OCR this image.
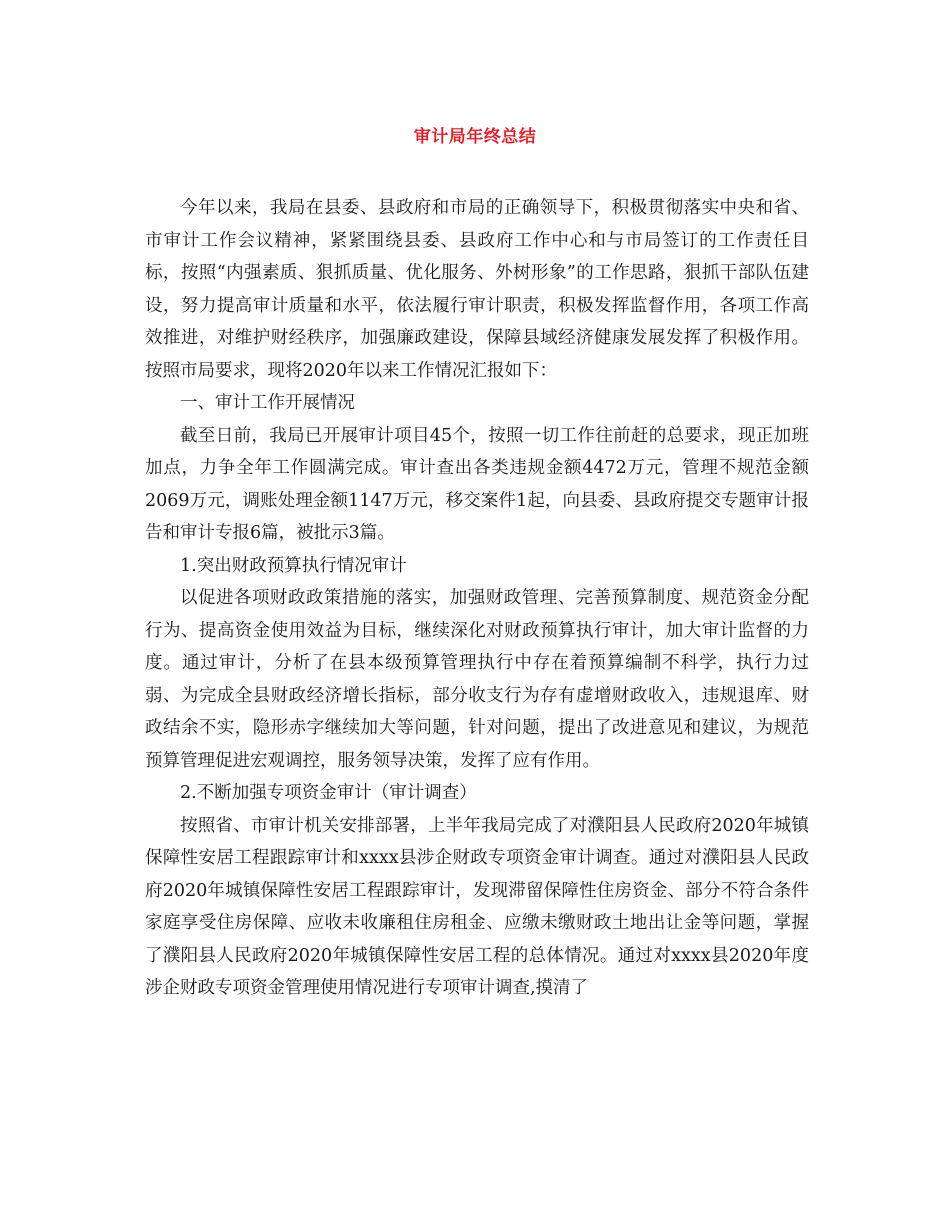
审计局年终总结

今年以来，我局在县委、县政府和市局的正确领导下，积极贯彻落实中央和省、市审计工作会议精神，紧紧围绕县委、县政府工作中心和与市局签订的工作责任目标，按照“内强素质、狠抓质量、优化服务、外树形象”的工作思路，狠抓干部队伍建设，努力提高审计质量和水平，依法履行审计职责，积极发挥监督作用，各项工作高效推进，对维护财经秩序，加强廉政建设，保障县域经济健康发展发挥了积极作用。按照市局要求，现将2020年以来工作情况汇报如下：

一、审计工作开展情况

截至日前，我局已开展审计项目45个，按照一切工作往前赶的总要求，现正加班加点，力争全年工作圆满完成。审计查出各类违规金额4472万元，管理不规范金额2069万元，调账处理金额1147万元，移交案件1起，向县委、县政府提交专题审计报告和审计专报6篇，被批示3篇。

1.突出财政预算执行情况审计

以促进各项财政政策措施的落实，加强财政管理、完善预算制度、规范资金分配行为、提高资金使用效益为目标，继续深化对财政预算执行审计，加大审计监督的力度。通过审计，分析了在县本级预算管理执行中存在着预算编制不科学，执行力过弱、为完成全县财政经济增长指标，部分收支行为存有虚增财政收入，违规退库、财政结余不实，隐形赤字继续加大等问题，针对问题，提出了改进意见和建议，为规范预算管理促进宏观调控，服务领导决策，发挥了应有作用。

2.不断加强专项资金审计（审计调查）

按照省、市审计机关安排部署，上半年我局完成了对濮阳县人民政府2020年城镇保障性安居工程跟踪审计和xxxx县涉企财政专项资金审计调查。通过对濮阳县人民政府2020年城镇保障性安居工程跟踪审计，发现滞留保障性住房资金、部分不符合条件家庭享受住房保障、应收未收廉租住房租金、应缴未缴财政土地出让金等问题，掌握了濮阳县人民政府2020年城镇保障性安居工程的总体情况。通过对xxxx县2020年度涉企财政专项资金管理使用情况进行专项审计调查,摸清了
